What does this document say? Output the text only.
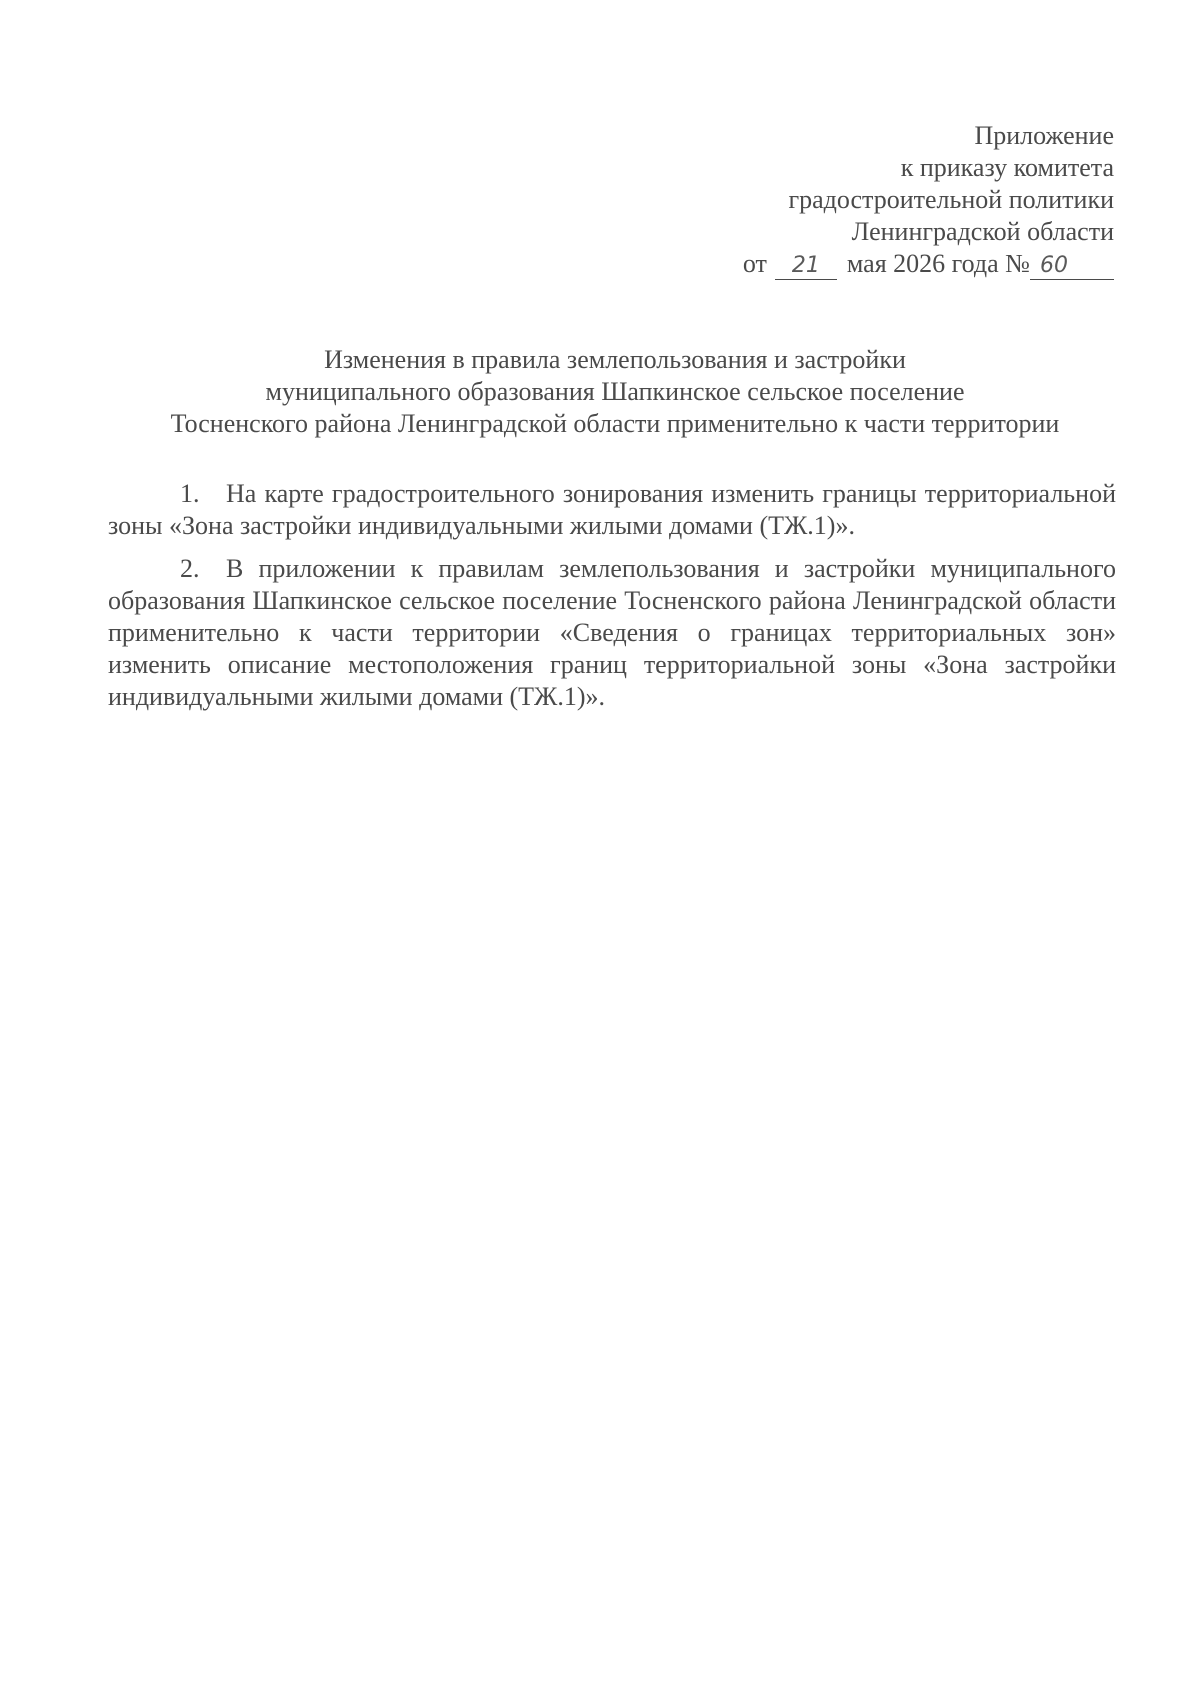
Приложение
к приказу комитета
градостроительной политики
Ленинградской области
от 21 мая 2026 года № 60
Изменения в правила землепользования и застройки
муниципального образования Шапкинское сельское поселение
Тосненского района Ленинградской области применительно к части территории

1. На карте градостроительного зонирования изменить границы территориальной зоны «Зона застройки индивидуальными жилыми домами (ТЖ.1)».

2. В приложении к правилам землепользования и застройки муниципального образования Шапкинское сельское поселение Тосненского района Ленинградской области применительно к части территории «Сведения о границах территориальных зон» изменить описание местоположения границ территориальной зоны «Зона застройки индивидуальными жилыми домами (ТЖ.1)».
